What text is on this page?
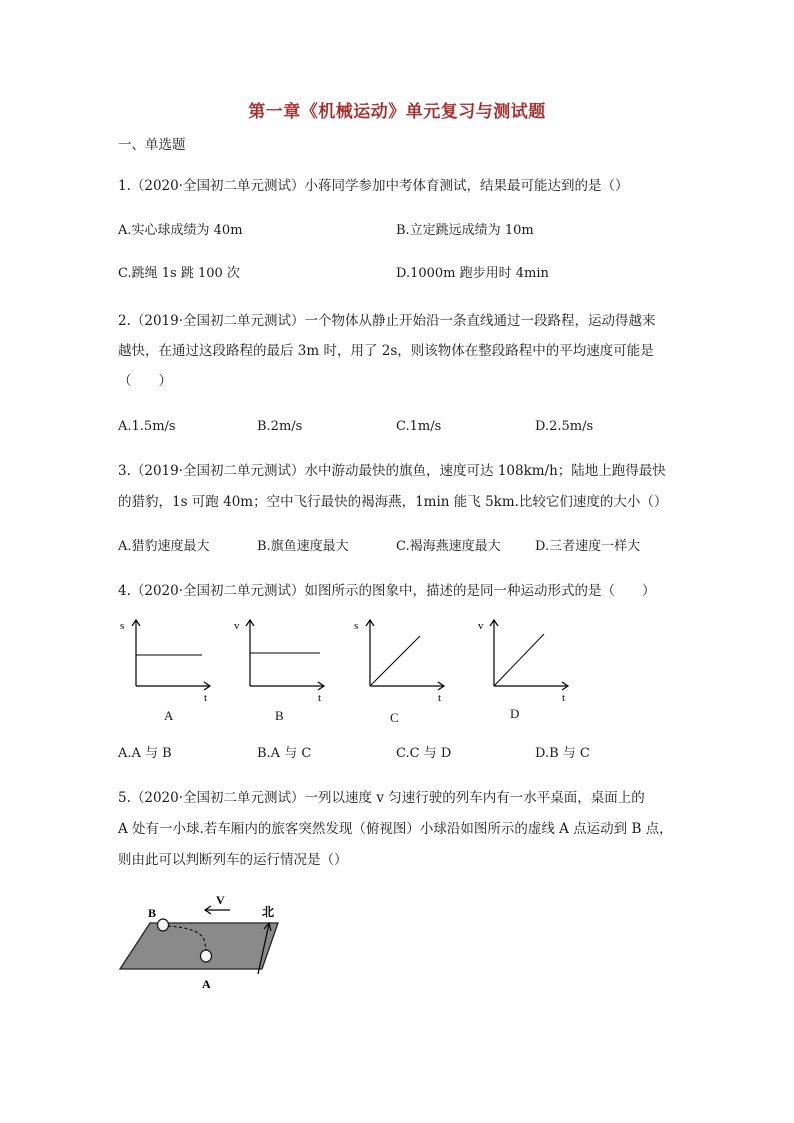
第一章《机械运动》单元复习与测试题
一、单选题
1.（2020·全国初二单元测试）小蒋同学参加中考体育测试，结果最可能达到的是（）
A.实心球成绩为 40m	B.立定跳远成绩为 10m
C.跳绳 1s 跳 100 次	D.1000m 跑步用时 4min
2.（2019·全国初二单元测试）一个物体从静止开始沿一条直线通过一段路程，运动得越来
越快，在通过这段路程的最后 3m 时，用了 2s，则该物体在整段路程中的平均速度可能是
（　　）
A.1.5m/s	B.2m/s	C.1m/s	D.2.5m/s
3.（2019·全国初二单元测试）水中游动最快的旗鱼，速度可达 108km/h；陆地上跑得最快
的猎豹，1s 可跑 40m；空中飞行最快的褐海燕，1min 能飞 5km.比较它们速度的大小（）
A.猎豹速度最大	B.旗鱼速度最大	C.褐海燕速度最大	D.三者速度一样大
4.（2020·全国初二单元测试）如图所示的图象中，描述的是同一种运动形式的是（　　）
s
t
A
v
t
B
s
t
C
v
t
D
A.A 与 B	B.A 与 C	C.C 与 D	D.B 与 C
5.（2020·全国初二单元测试）一列以速度 v 匀速行驶的列车内有一水平桌面，桌面上的
A 处有一小球.若车厢内的旅客突然发现（俯视图）小球沿如图所示的虚线 A 点运动到 B 点，
则由此可以判断列车的运行情况是（）
B
A
V
北
